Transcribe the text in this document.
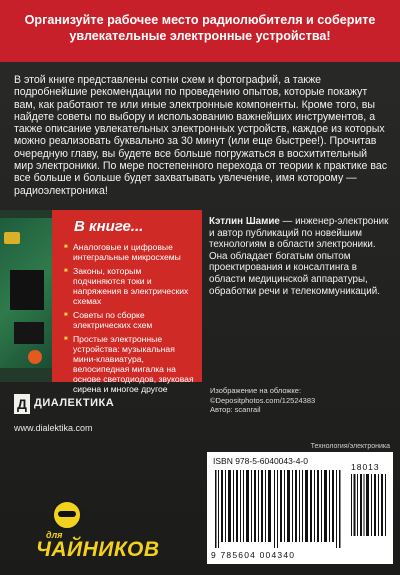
Организуйте рабочее место радиолюбителя и соберите увлекательные электронные устройства!
В этой книге представлены сотни схем и фотографий, а также подробнейшие рекомендации по проведению опытов, которые покажут вам, как работают те или иные электронные компоненты. Кроме того, вы найдете советы по выбору и использованию важнейших инструментов, а также описание увлекательных электронных устройств, каждое из которых можно реализовать буквально за 30 минут (или еще быстрее!). Прочитав очередную главу, вы будете все больше погружаться в восхитительный мир электроники. По мере постепенного перехода от теории к практике вас все больше и больше будет захватывать увлечение, имя которому — радиоэлектроника!
В книге...
■ Аналоговые и цифровые интегральные микросхемы
■ Законы, которым подчиняются токи и напряжения в электрических схемах
■ Советы по сборке электрических схем
■ Простые электронные устройства: музыкальная мини-клавиатура, велосипедная мигалка на основе светодиодов, звуковая сирена и многое другое
Кэтлин Шамие — инженер-электроник и автор публикаций по новейшим технологиям в области электроники. Она обладает богатым опытом проектирования и консалтинга в области медицинской аппаратуры, обработки речи и телекоммуникаций.
Изображение на обложке:
©Depositphotos.com/12524383
Автор: scanrail
Д ДИАЛЕКТИКА
www.dialektika.com
Технология/электроника
ISBN 978-5-6040043-4-0
9 785604 004340
18013
для
ЧАЙНИКОВ
